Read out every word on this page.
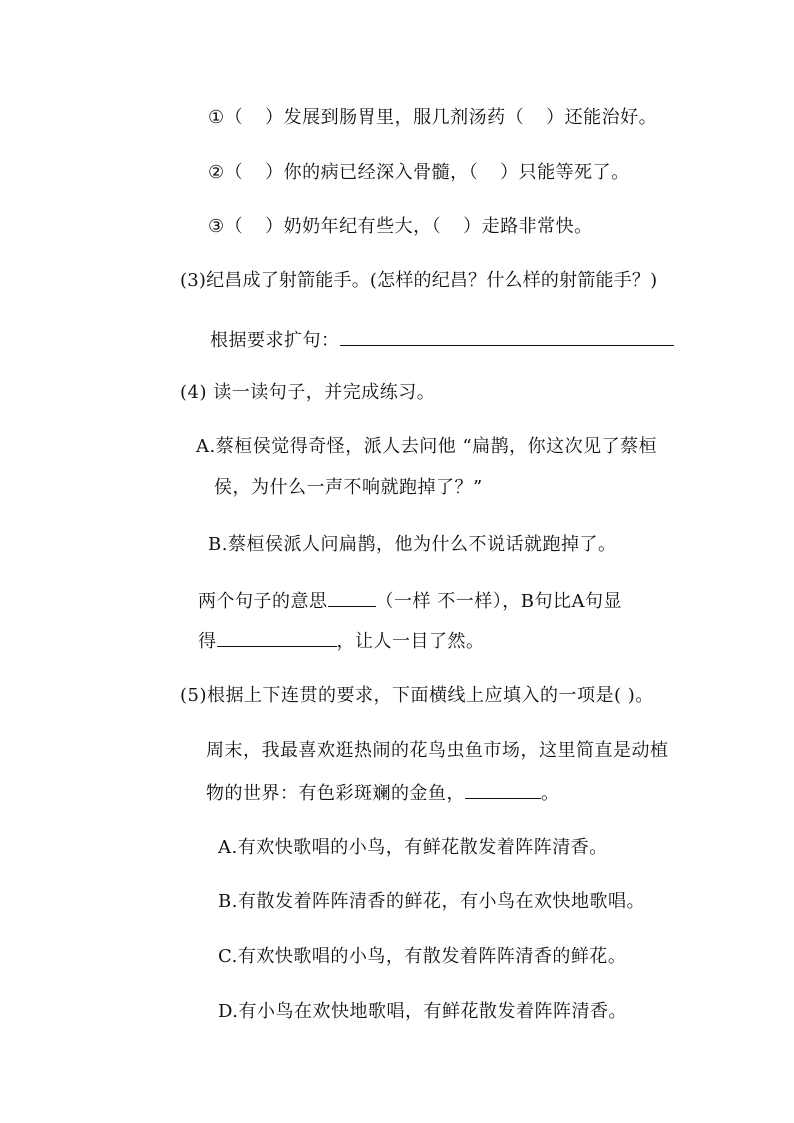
①（ ）发展到肠胃里，服几剂汤药（ ）还能治好。
②（ ）你的病已经深入骨髓，（ ）只能等死了。
③（ ）奶奶年纪有些大，（ ）走路非常快。
(3)纪昌成了射箭能手。(怎样的纪昌？什么样的射箭能手？)
根据要求扩句：
(4) 读一读句子，并完成练习。
A.蔡桓侯觉得奇怪，派人去问他 “扁鹊，你这次见了蔡桓
侯，为什么一声不响就跑掉了？”
B.蔡桓侯派人问扁鹊，他为什么不说话就跑掉了。
两个句子的意思	（一样 不一样），B句比A句显
得	，让人一目了然。
(5)根据上下连贯的要求，下面横线上应填入的一项是( )。
周末，我最喜欢逛热闹的花鸟虫鱼市场，这里简直是动植
物的世界：有色彩斑斓的金鱼，	。
A.有欢快歌唱的小鸟，有鲜花散发着阵阵清香。
B.有散发着阵阵清香的鲜花，有小鸟在欢快地歌唱。
C.有欢快歌唱的小鸟，有散发着阵阵清香的鲜花。
D.有小鸟在欢快地歌唱，有鲜花散发着阵阵清香。
